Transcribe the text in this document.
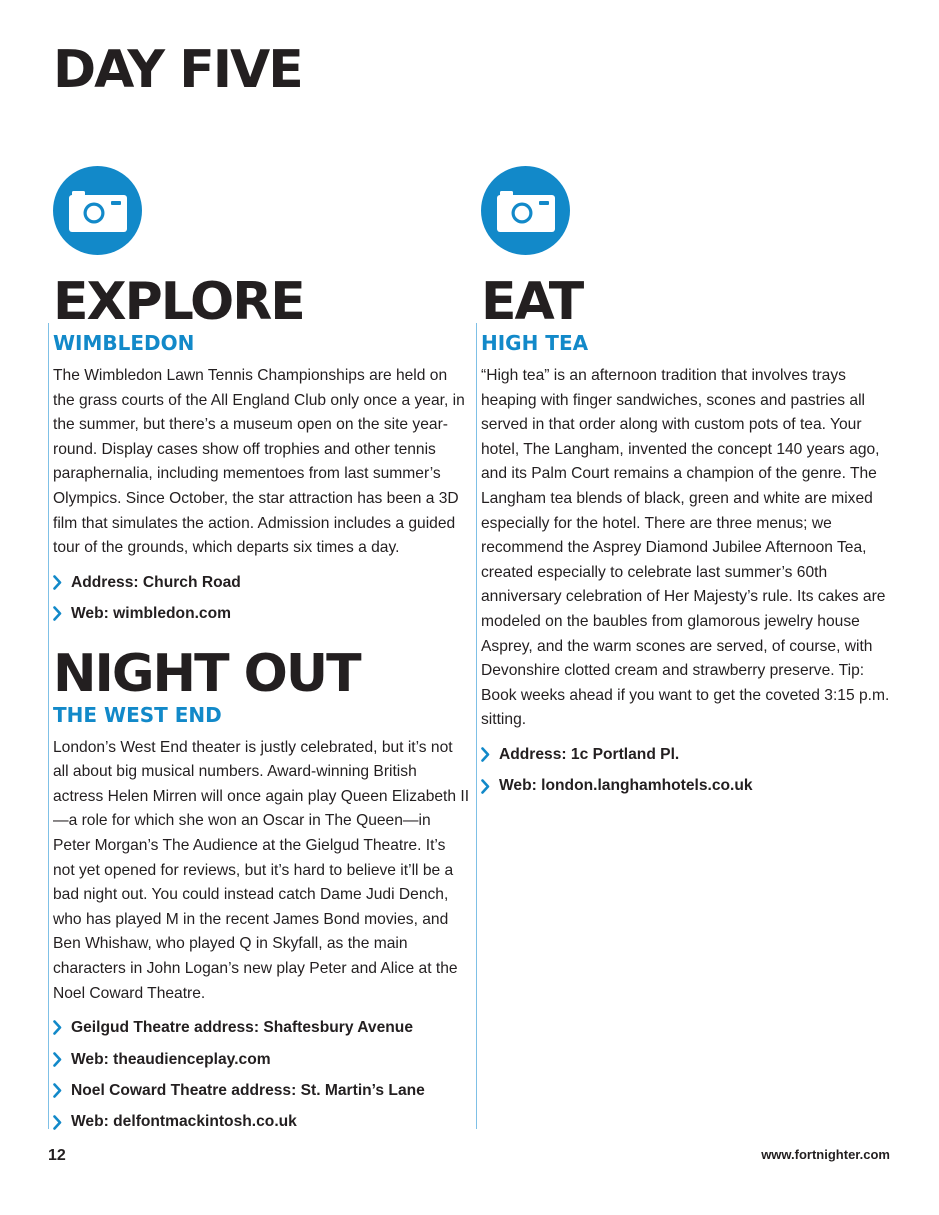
DAY FIVE
EXPLORE
WIMBLEDON

The Wimbledon Lawn Tennis Championships are held on the grass courts of the All England Club only once a year, in the summer, but there’s a museum open on the site year-round. Display cases show off trophies and other tennis paraphernalia, including mementoes from last summer’s Olympics. Since October, the star attraction has been a 3D film that simulates the action. Admission includes a guided tour of the grounds, which departs six times a day.

Address: Church Road
Web: wimbledon.com
NIGHT OUT
THE WEST END

London’s West End theater is justly celebrated, but it’s not all about big musical numbers. Award-winning British actress Helen Mirren will once again play Queen Elizabeth II—a role for which she won an Oscar in The Queen—in Peter Morgan’s The Audience at the Gielgud Theatre. It’s not yet opened for reviews, but it’s hard to believe it’ll be a bad night out. You could instead catch Dame Judi Dench, who has played M in the recent James Bond movies, and Ben Whishaw, who played Q in Skyfall, as the main characters in John Logan’s new play Peter and Alice at the Noel Coward Theatre.

Geilgud Theatre address: Shaftesbury Avenue
Web: theaudienceplay.com
Noel Coward Theatre address: St. Martin’s Lane
Web: delfontmackintosh.co.uk
EAT
HIGH TEA

“High tea” is an afternoon tradition that involves trays heaping with finger sandwiches, scones and pastries all served in that order along with custom pots of tea. Your hotel, The Langham, invented the concept 140 years ago, and its Palm Court remains a champion of the genre. The Langham tea blends of black, green and white are mixed especially for the hotel. There are three menus; we recommend the Asprey Diamond Jubilee Afternoon Tea, created especially to celebrate last summer’s 60th anniversary celebration of Her Majesty’s rule. Its cakes are modeled on the baubles from glamorous jewelry house Asprey, and the warm scones are served, of course, with Devonshire clotted cream and strawberry preserve. Tip: Book weeks ahead if you want to get the coveted 3:15 p.m. sitting.

Address: 1c Portland Pl.
Web: london.langhamhotels.co.uk
12	www.fortnighter.com
